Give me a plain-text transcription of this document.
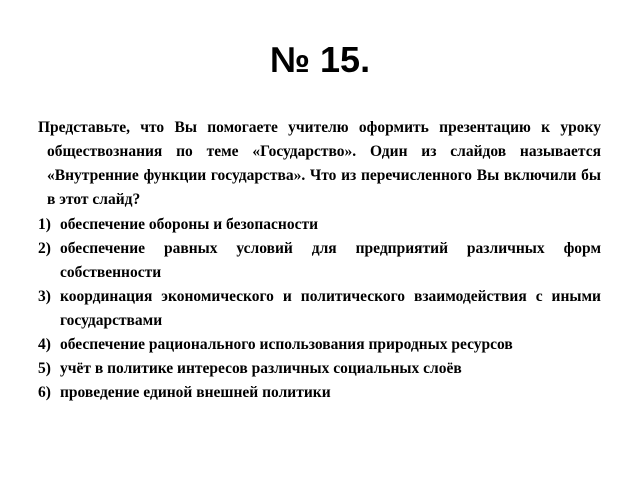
№ 15.

Представьте, что Вы помогаете учителю оформить презентацию к уроку обществознания по теме «Государство». Один из слайдов называется «Внутренние функции государства». Что из перечисленного Вы включили бы в этот слайд?

1) обеспечение обороны и безопасности
2) обеспечение равных условий для предприятий различных форм собственности
3) координация экономического и политического взаимодействия с иными государствами
4) обеспечение рационального использования природных ресурсов
5) учёт в политике интересов различных социальных слоёв
6) проведение единой внешней политики
